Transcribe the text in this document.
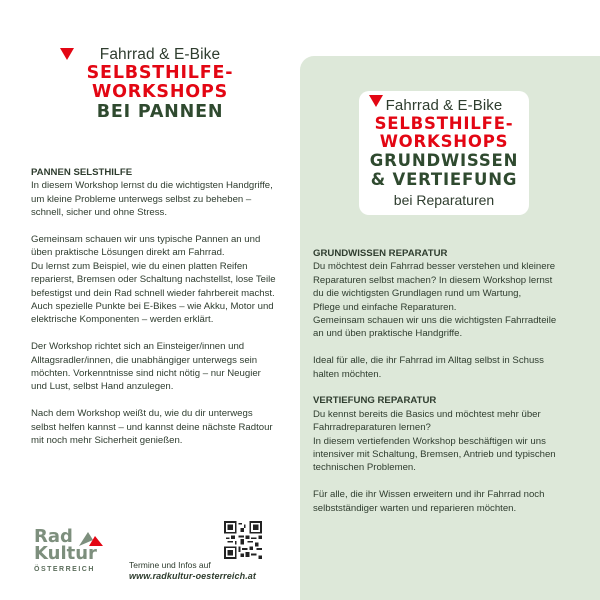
Fahrrad & E-Bike
SELBSTHILFE-
WORKSHOPS
BEI PANNEN	Fahrrad & E-Bike
SELBSTHILFE-
WORKSHOPS
GRUNDWISSEN
& VERTIEFUNG
bei Reparaturen
PANNEN SELSTHILFE

In diesem Workshop lernst du die wichtigsten Handgriffe,
um kleine Probleme unterwegs selbst zu beheben –
schnell, sicher und ohne Stress.

Gemeinsam schauen wir uns typische Pannen an und
üben praktische Lösungen direkt am Fahrrad.
Du lernst zum Beispiel, wie du einen platten Reifen
reparierst, Bremsen oder Schaltung nachstellst, lose Teile
befestigst und dein Rad schnell wieder fahrbereit machst.
Auch spezielle Punkte bei E-Bikes – wie Akku, Motor und
elektrische Komponenten – werden erklärt.

Der Workshop richtet sich an Einsteiger/innen und
Alltagsradler/innen, die unabhängiger unterwegs sein
möchten. Vorkenntnisse sind nicht nötig – nur Neugier
und Lust, selbst Hand anzulegen.

Nach dem Workshop weißt du, wie du dir unterwegs
selbst helfen kannst – und kannst deine nächste Radtour
mit noch mehr Sicherheit genießen.

GRUNDWISSEN REPARATUR

Du möchtest dein Fahrrad besser verstehen und kleinere
Reparaturen selbst machen? In diesem Workshop lernst
du die wichtigsten Grundlagen rund um Wartung,
Pflege und einfache Reparaturen.
Gemeinsam schauen wir uns die wichtigsten Fahrradteile
an und üben praktische Handgriffe.

Ideal für alle, die ihr Fahrrad im Alltag selbst in Schuss
halten möchten.

VERTIEFUNG REPARATUR

Du kennst bereits die Basics und möchtest mehr über
Fahrradreparaturen lernen?
In diesem vertiefenden Workshop beschäftigen wir uns
intensiver mit Schaltung, Bremsen, Antrieb und typischen
technischen Problemen.

Für alle, die ihr Wissen erweitern und ihr Fahrrad noch
selbstständiger warten und reparieren möchten.

Rad
Kultur
ÖSTERREICH	Termine und Infos auf
www.radkultur-oesterreich.at
